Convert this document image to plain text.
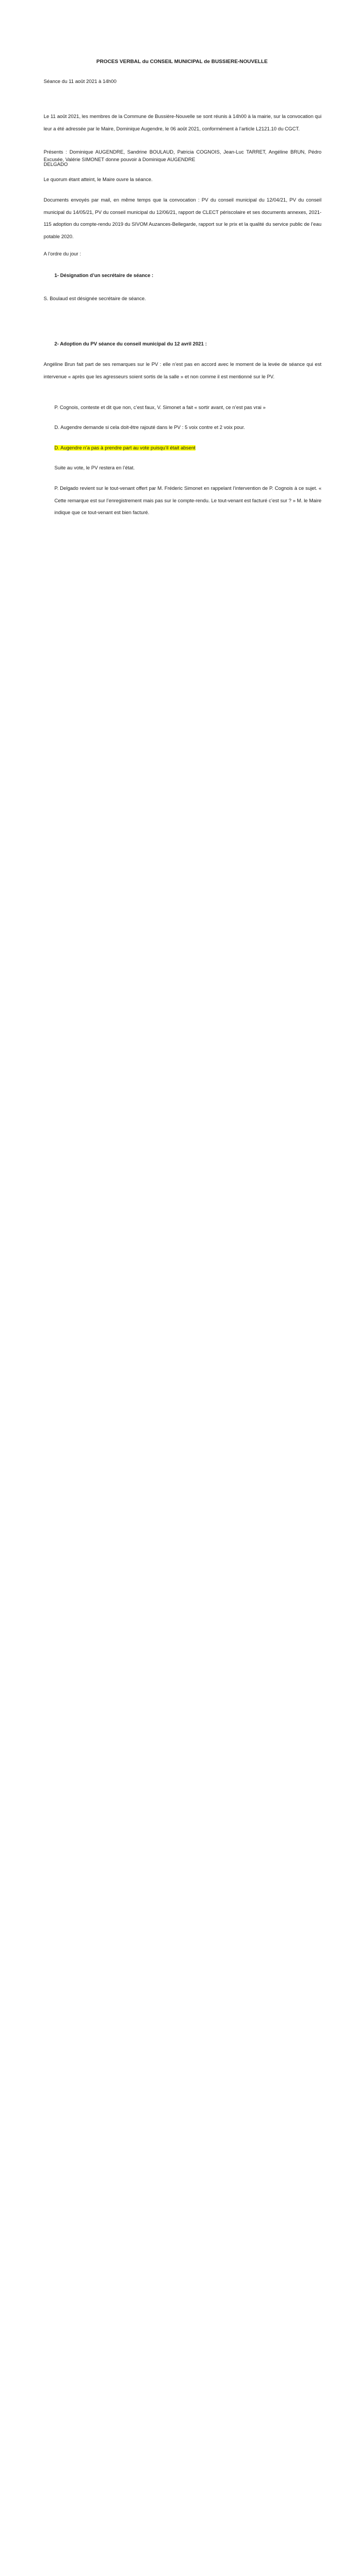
PROCES VERBAL du CONSEIL MUNICIPAL de BUSSIERE-NOUVELLE

Séance du 11 août 2021 à 14h00

Le 11 août 2021, les membres de la Commune de Bussière-Nouvelle se sont réunis à 14h00 à la mairie, sur la convocation qui leur a été adressée par le Maire, Dominique Augendre, le 06 août 2021, conformément à l’article L2121.10 du CGCT.

Présents : Dominique AUGENDRE, Sandrine BOULAUD, Patricia COGNOIS, Jean-Luc TARRET, Angéline BRUN, Pédro DELGADO

Excusée, Valérie SIMONET donne pouvoir à Dominique AUGENDRE

Le quorum étant atteint, le Maire ouvre la séance.

Documents envoyés par mail, en même temps que la convocation : PV du conseil municipal du 12/04/21, PV du conseil municipal du 14/05/21, PV du conseil municipal du 12/06/21, rapport de CLECT périscolaire et ses documents annexes, 2021-115 adoption du compte-rendu 2019 du SIVOM Auzances-Bellegarde, rapport sur le prix et la qualité du service public de l’eau potable 2020.

A l’ordre du jour :

1- Désignation d’un secrétaire de séance :

S. Boulaud est désignée secrétaire de séance.

2- Adoption du PV séance du conseil municipal du 12 avril 2021 :

Angéline Brun fait part de ses remarques sur le PV : elle n’est pas en accord avec le moment de la levée de séance qui est intervenue « après que les agresseurs soient sortis de la salle » et non comme il est mentionné sur le PV.

P. Cognois, conteste et dit que non, c’est faux, V. Simonet a fait « sortir avant, ce n’est pas vrai »

D. Augendre demande si cela doit-être rajouté dans le PV : 5 voix contre et 2 voix pour.

D. Augendre n’a pas à prendre part au vote puisqu’il était absent

Suite au vote, le PV restera en l’état.

P. Delgado revient sur le tout-venant offert par M. Fréderic Simonet en rappelant l’intervention de P. Cognois à ce sujet. « Cette remarque est sur l’enregistrement mais pas sur le compte-rendu. Le tout-venant est facturé c’est sur ? » M. le Maire indique que ce tout-venant est bien facturé.
